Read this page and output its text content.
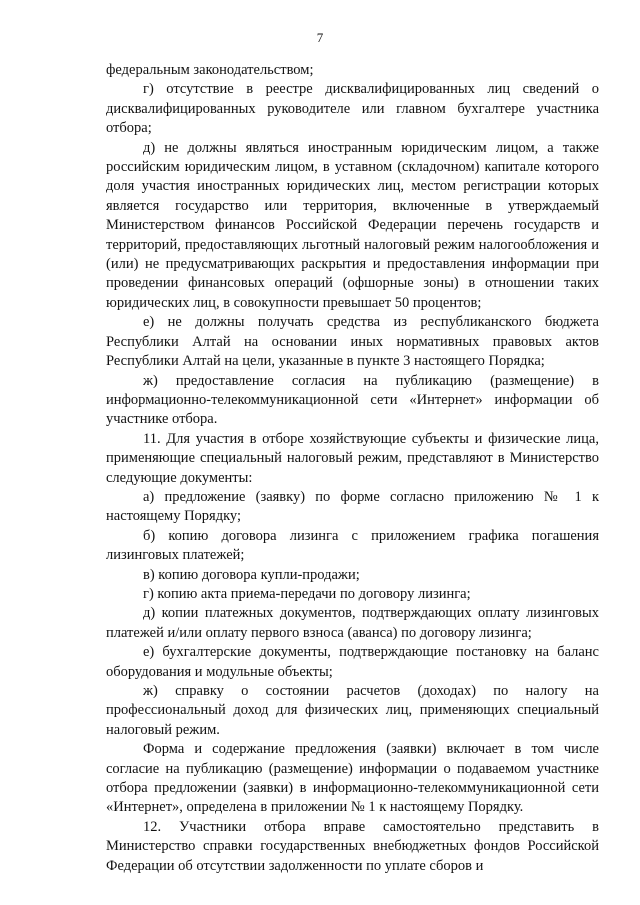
7

федеральным законодательством;

г) отсутствие в реестре дисквалифицированных лиц сведений о дисквалифицированных руководителе или главном бухгалтере участника отбора;

д) не должны являться иностранным юридическим лицом, а также российским юридическим лицом, в уставном (складочном) капитале которого доля участия иностранных юридических лиц, местом регистрации которых является государство или территория, включенные в утверждаемый Министерством финансов Российской Федерации перечень государств и территорий, предоставляющих льготный налоговый режим налогообложения и (или) не предусматривающих раскрытия и предоставления информации при проведении финансовых операций (офшорные зоны) в отношении таких юридических лиц, в совокупности превышает 50 процентов;

е) не должны получать средства из республиканского бюджета Республики Алтай на основании иных нормативных правовых актов Республики Алтай на цели, указанные в пункте 3 настоящего Порядка;

ж) предоставление согласия на публикацию (размещение) в информационно-телекоммуникационной сети «Интернет» информации об участнике отбора.

11. Для участия в отборе хозяйствующие субъекты и физические лица, применяющие специальный налоговый режим, представляют в Министерство следующие документы:

а) предложение (заявку) по форме согласно приложению № 1 к настоящему Порядку;

б) копию договора лизинга с приложением графика погашения лизинговых платежей;

в) копию договора купли-продажи;

г) копию акта приема-передачи по договору лизинга;

д) копии платежных документов, подтверждающих оплату лизинговых платежей и/или оплату первого взноса (аванса) по договору лизинга;

е) бухгалтерские документы, подтверждающие постановку на баланс оборудования и модульные объекты;

ж) справку о состоянии расчетов (доходах) по налогу на профессиональный доход для физических лиц, применяющих специальный налоговый режим.

Форма и содержание предложения (заявки) включает в том числе согласие на публикацию (размещение) информации о подаваемом участнике отбора предложении (заявки) в информационно-телекоммуникационной сети «Интернет», определена в приложении № 1 к настоящему Порядку.

12. Участники отбора вправе самостоятельно представить в Министерство справки государственных внебюджетных фондов Российской Федерации об отсутствии задолженности по уплате сборов и
